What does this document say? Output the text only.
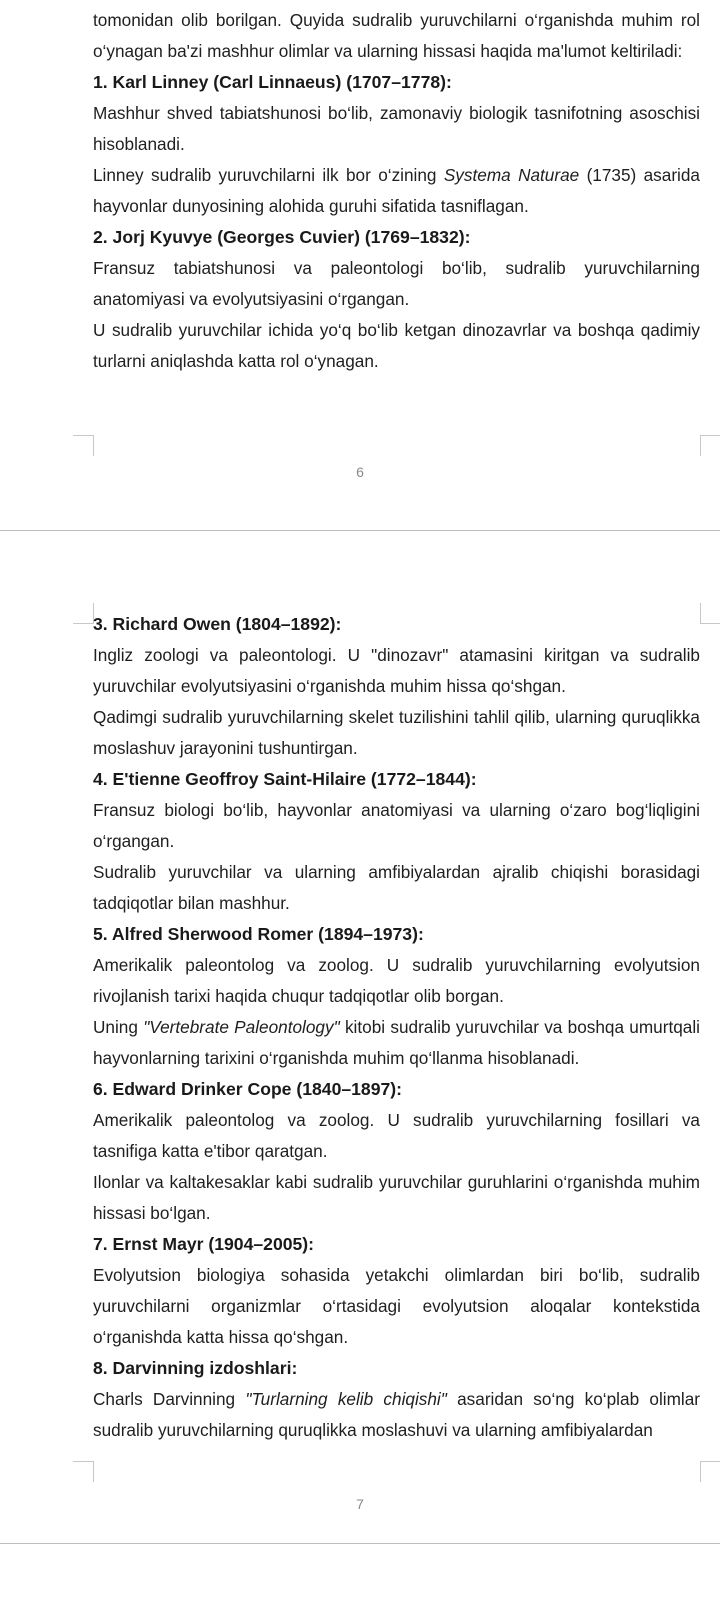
tomonidan olib borilgan. Quyida sudralib yuruvchilarni o‘rganishda muhim rol o‘ynagan ba'zi mashhur olimlar va ularning hissasi haqida ma'lumot keltiriladi:

1. Karl Linney (Carl Linnaeus) (1707–1778):

Mashhur shved tabiatshunosi bo‘lib, zamonaviy biologik tasnifotning asoschisi hisoblanadi.

Linney sudralib yuruvchilarni ilk bor o‘zining Systema Naturae (1735) asarida hayvonlar dunyosining alohida guruhi sifatida tasniflagan.

2. Jorj Kyuvye (Georges Cuvier) (1769–1832):

Fransuz tabiatshunosi va paleontologi bo‘lib, sudralib yuruvchilarning anatomiyasi va evolyutsiyasini o‘rgangan.

U sudralib yuruvchilar ichida yo‘q bo‘lib ketgan dinozavrlar va boshqa qadimiy turlarni aniqlashda katta rol o‘ynagan.

6
3. Richard Owen (1804–1892):

Ingliz zoologi va paleontologi. U "dinozavr" atamasini kiritgan va sudralib yuruvchilar evolyutsiyasini o‘rganishda muhim hissa qo‘shgan.

Qadimgi sudralib yuruvchilarning skelet tuzilishini tahlil qilib, ularning quruqlikka moslashuv jarayonini tushuntirgan.

4. E'tienne Geoffroy Saint-Hilaire (1772–1844):

Fransuz biologi bo‘lib, hayvonlar anatomiyasi va ularning o‘zaro bog‘liqligini o‘rgangan.

Sudralib yuruvchilar va ularning amfibiyalardan ajralib chiqishi borasidagi tadqiqotlar bilan mashhur.

5. Alfred Sherwood Romer (1894–1973):

Amerikalik paleontolog va zoolog. U sudralib yuruvchilarning evolyutsion rivojlanish tarixi haqida chuqur tadqiqotlar olib borgan.

Uning "Vertebrate Paleontology" kitobi sudralib yuruvchilar va boshqa umurtqali hayvonlarning tarixini o‘rganishda muhim qo‘llanma hisoblanadi.

6. Edward Drinker Cope (1840–1897):

Amerikalik paleontolog va zoolog. U sudralib yuruvchilarning fosillari va tasnifiga katta e'tibor qaratgan.

Ilonlar va kaltakesaklar kabi sudralib yuruvchilar guruhlarini o‘rganishda muhim hissasi bo‘lgan.

7. Ernst Mayr (1904–2005):

Evolyutsion biologiya sohasida yetakchi olimlardan biri bo‘lib, sudralib yuruvchilarni organizmlar o‘rtasidagi evolyutsion aloqalar kontekstida o‘rganishda katta hissa qo‘shgan.

8. Darvinning izdoshlari:

Charls Darvinning "Turlarning kelib chiqishi" asaridan so‘ng ko‘plab olimlar sudralib yuruvchilarning quruqlikka moslashuvi va ularning amfibiyalardan

7
